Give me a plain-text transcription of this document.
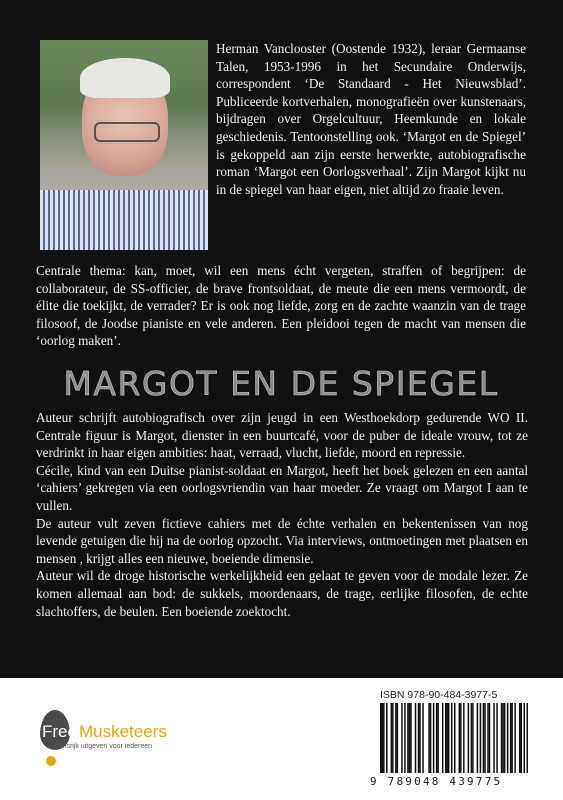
Herman Vanclooster (Oostende 1932), leraar Germaanse Talen, 1953-1996 in het Secundaire Onderwijs, correspondent ‘De Standaard - Het Nieuwsblad’. Publiceerde kortverhalen, monografieën over kunstenaars, bijdragen over Orgelcultuur, Heemkunde en lokale geschiedenis. Tentoonstelling ook. ‘Margot en de Spiegel’ is gekoppeld aan zijn eerste herwerkte, autobiografische roman ‘Margot een Oorlogsverhaal’. Zijn Margot kijkt nu in de spiegel van haar eigen, niet altijd zo fraaie leven.

Centrale thema: kan, moet, wil een mens écht vergeten, straffen of begrijpen: de collaborateur, de SS-officier, de brave frontsoldaat, de meute die een mens vermoordt, de élite die toekijkt, de verrader? Er is ook nog liefde, zorg en de zachte waanzin van de trage filosoof, de Joodse pianiste en vele anderen. Een pleidooi tegen de macht van mensen die ‘oorlog maken’.

MARGOT EN DE SPIEGEL

Auteur schrijft autobiografisch over zijn jeugd in een Westhoekdorp gedurende WO II. Centrale figuur is Margot, dienster in een buurtcafé, voor de puber de ideale vrouw, tot ze verdrinkt in haar eigen ambities: haat, verraad, vlucht, liefde, moord en repressie.

Cécile, kind van een Duitse pianist-soldaat en Margot, heeft het boek gelezen en een aantal ‘cahiers’ gekregen via een oorlogsvriendin van haar moeder. Ze vraagt om Margot I aan te vullen.

De auteur vult zeven fictieve cahiers met de échte verhalen en bekentenissen van nog levende getuigen die hij na de oorlog opzocht. Via interviews, ontmoetingen met plaatsen en mensen , krijgt alles een nieuwe, boeiende dimensie.

Auteur wil de droge historische werkelijkheid een gelaat te geven voor de modale lezer. Ze komen allemaal aan bod: de sukkels, moordenaars, de trage, eerlijke filosofen, de echte slachtoffers, de beulen. Een boeiende zoektocht.

Free Musketeers
Kansrijk uitgeven voor iedereen
ISBN 978-90-484-3977-5
9 789048 439775
